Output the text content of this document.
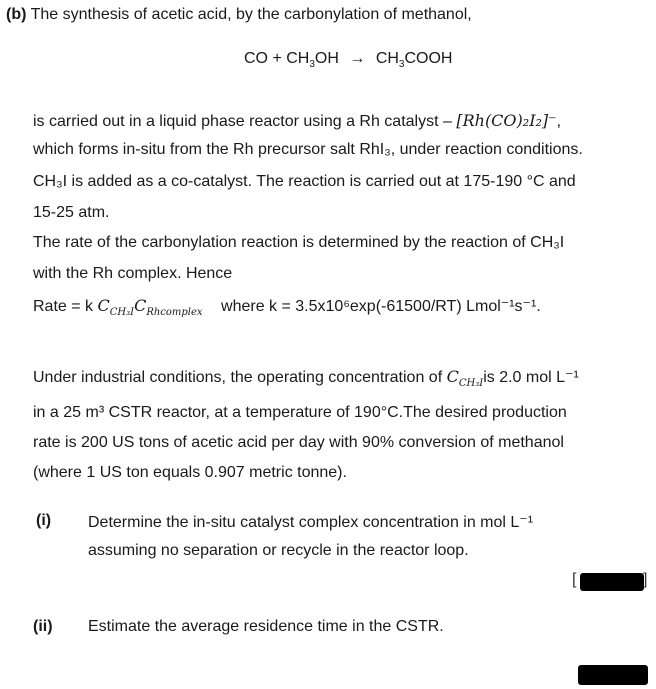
(b) The synthesis of acetic acid, by the carbonylation of methanol,
CO + $CH_3OH$ → $CH_3COOH$
is carried out in a liquid phase reactor using a Rh catalyst – [Rh(CO)₂I₂]⁻,
which forms in-situ from the Rh precursor salt RhI₃, under reaction conditions.
CH₃I is added as a co-catalyst. The reaction is carried out at 175-190 °C and
15-25 atm.
The rate of the carbonylation reaction is determined by the reaction of CH₃I
with the Rh complex. Hence
Rate = k $C_{CH_3I}C_{Rhcomplex}$ where k = 3.5x10⁶exp(-61500/RT) Lmol⁻¹s⁻¹.
Under industrial conditions, the operating concentration of $C_{CH_3I}is$ 2.0 mol L⁻¹
in a 25 m³ CSTR reactor, at a temperature of 190°C.The desired production
rate is 200 US tons of acetic acid per day with 90% conversion of methanol
(where 1 US ton equals 0.907 metric tonne).
(i) Determine the in-situ catalyst complex concentration in mol L⁻¹
assuming no separation or recycle in the reactor loop.
[	]
(ii) Estimate the average residence time in the CSTR.
